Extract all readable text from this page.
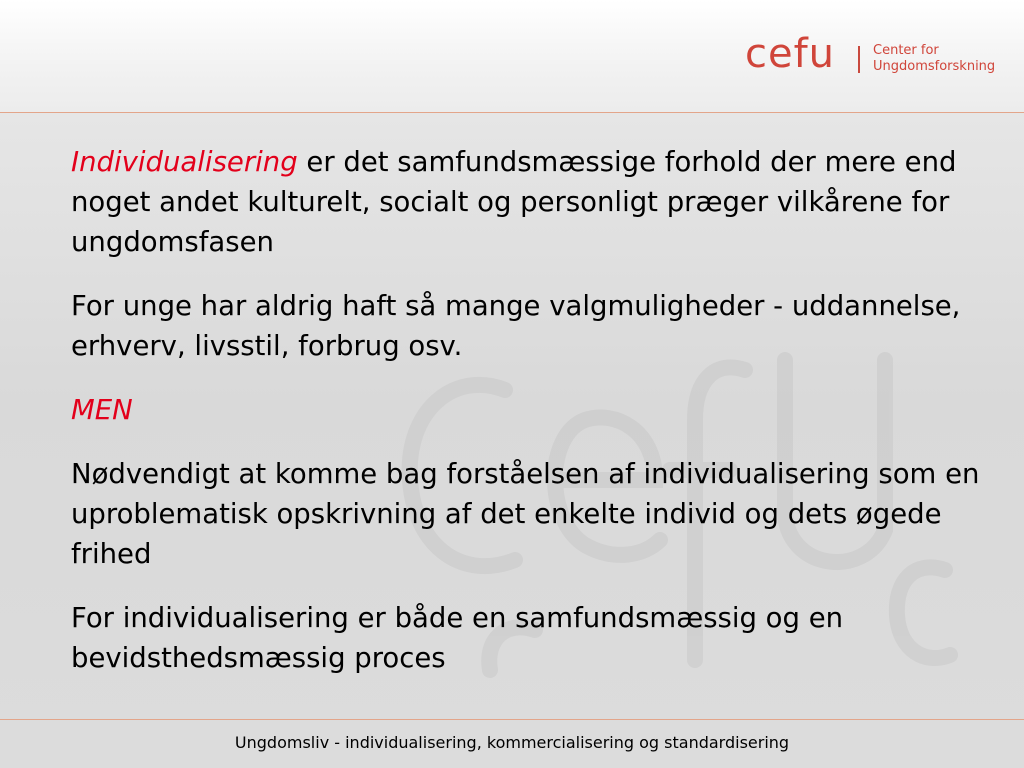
cefu	Center for
Ungdomsforskning

Individualisering er det samfundsmæssige forhold der mere end noget andet kulturelt, socialt og personligt præger vilkårene for ungdomsfasen

For unge har aldrig haft så mange valgmuligheder - uddannelse, erhverv, livsstil, forbrug osv.

MEN

Nødvendigt at komme bag forståelsen af individualisering som en uproblematisk opskrivning af det enkelte individ og dets øgede frihed

For individualisering er både en samfundsmæssig og en bevidsthedsmæssig proces

Ungdomsliv - individualisering, kommercialisering og standardisering
